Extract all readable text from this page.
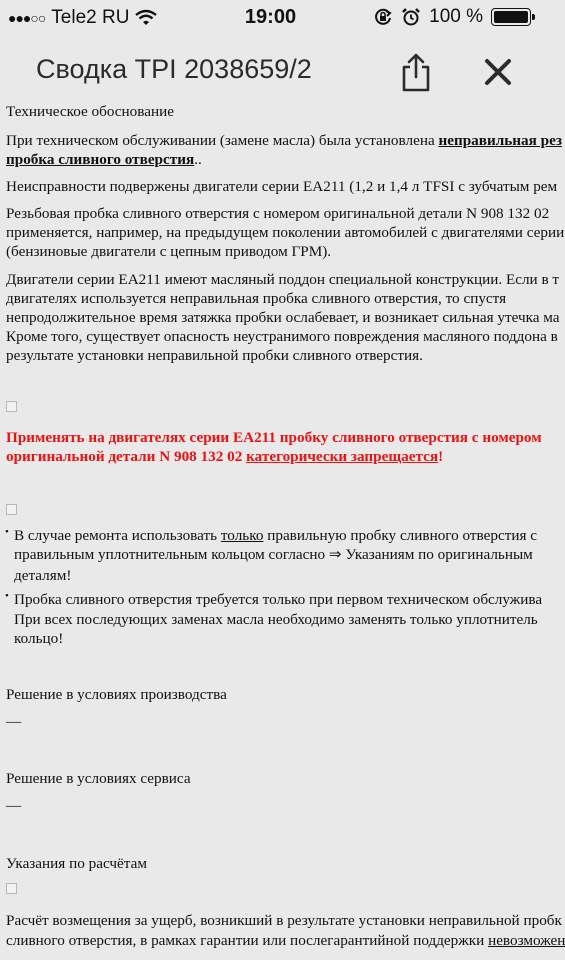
●●●○○ Tele2 RU	19:00	100 %
Сводка TPI 2038659/2
Техническое обоснование
При техническом обслуживании (замене масла) была установлена неправильная рез
пробка сливного отверстия..
Неисправности подвержены двигатели серии EA211 (1,2 и 1,4 л TFSI с зубчатым рем
Резьбовая пробка сливного отверстия с номером оригинальной детали N 908 132 02
применяется, например, на предыдущем поколении автомобилей с двигателями серии
(бензиновые двигатели с цепным приводом ГРМ).
Двигатели серии EA211 имеют масляный поддон специальной конструкции. Если в т
двигателях используется неправильная пробка сливного отверстия, то спустя
непродолжительное время затяжка пробки ослабевает, и возникает сильная утечка ма
Кроме того, существует опасность неустранимого повреждения масляного поддона в
результате установки неправильной пробки сливного отверстия.
Применять на двигателях серии EA211 пробку сливного отверстия с номером
оригинальной детали N 908 132 02 категорически запрещается!
• В случае ремонта использовать только правильную пробку сливного отверстия с
правильным уплотнительным кольцом согласно ⇒ Указаниям по оригинальным
деталям!
• Пробка сливного отверстия требуется только при первом техническом обслужива
При всех последующих заменах масла необходимо заменять только уплотнитель
кольцо!
Решение в условиях производства
—
Решение в условиях сервиса
—
Указания по расчётам
Расчёт возмещения за ущерб, возникший в результате установки неправильной пробк
сливного отверстия, в рамках гарантии или послегарантийной поддержки невозможен
